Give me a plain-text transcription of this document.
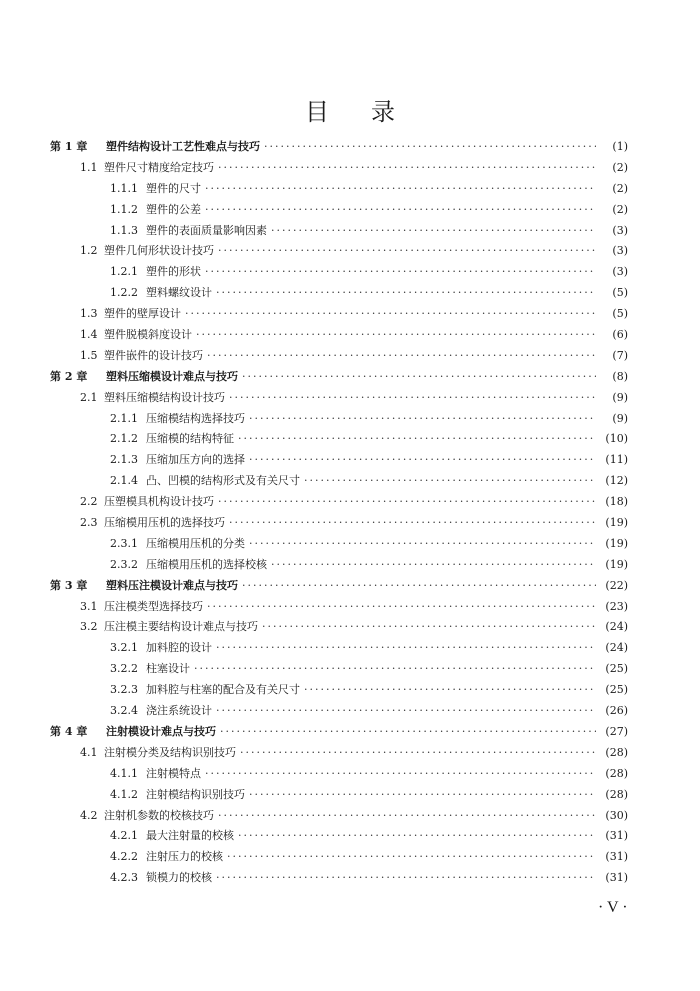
目录
第 1 章	塑件结构设计工艺性难点与技巧 ·····	(1)
1.1 塑件尺寸精度给定技巧 ·····	(2)
1.1.1 塑件的尺寸 ·····	(2)
1.1.2 塑件的公差 ·····	(2)
1.1.3 塑件的表面质量影响因素 ·····	(3)
1.2 塑件几何形状设计技巧 ·····	(3)
1.2.1 塑件的形状 ·····	(3)
1.2.2 塑料螺纹设计 ·····	(5)
1.3 塑件的壁厚设计 ·····	(5)
1.4 塑件脱模斜度设计 ·····	(6)
1.5 塑件嵌件的设计技巧 ·····	(7)
第 2 章	塑料压缩模设计难点与技巧 ·····	(8)
2.1 塑料压缩模结构设计技巧 ·····	(9)
2.1.1 压缩模结构选择技巧 ·····	(9)
2.1.2 压缩模的结构特征 ·····	(10)
2.1.3 压缩加压方向的选择 ·····	(11)
2.1.4 凸、凹模的结构形式及有关尺寸 ·····	(12)
2.2 压塑模具机构设计技巧 ·····	(18)
2.3 压缩模用压机的选择技巧 ·····	(19)
2.3.1 压缩模用压机的分类 ·····	(19)
2.3.2 压缩模用压机的选择校核 ·····	(19)
第 3 章	塑料压注模设计难点与技巧 ·····	(22)
3.1 压注模类型选择技巧 ·····	(23)
3.2 压注模主要结构设计难点与技巧 ·····	(24)
3.2.1 加料腔的设计 ·····	(24)
3.2.2 柱塞设计 ·····	(25)
3.2.3 加料腔与柱塞的配合及有关尺寸 ·····	(25)
3.2.4 浇注系统设计 ·····	(26)
第 4 章	注射模设计难点与技巧 ·····	(27)
4.1 注射模分类及结构识别技巧 ·····	(28)
4.1.1 注射模特点 ·····	(28)
4.1.2 注射模结构识别技巧 ·····	(28)
4.2 注射机参数的校核技巧 ·····	(30)
4.2.1 最大注射量的校核 ·····	(31)
4.2.2 注射压力的校核 ·····	(31)
4.2.3 锁模力的校核 ·····	(31)
· V ·
